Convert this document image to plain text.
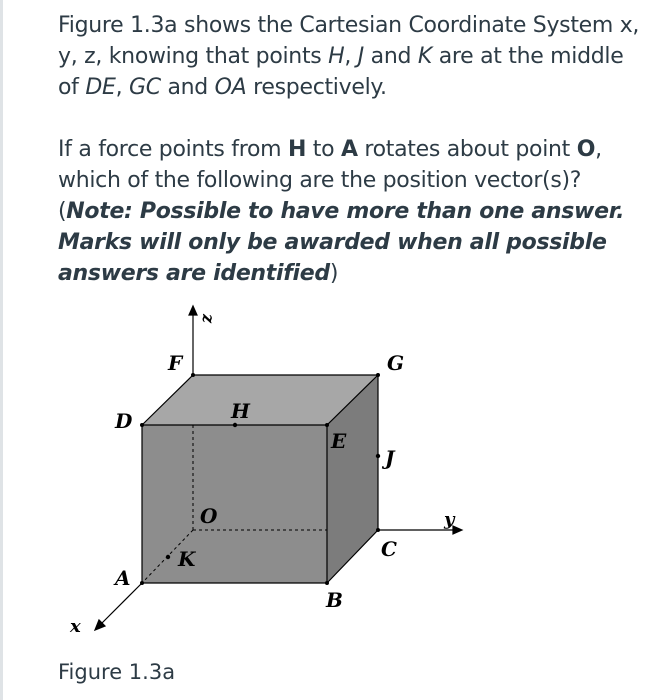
Figure 1.3a shows the Cartesian Coordinate System x, y, z, knowing that points H, J and K are at the middle of DE, GC and OA respectively.

If a force points from H to A rotates about point O, which of the following are the position vector(s)?

(Note: Possible to have more than one answer. Marks will only be awarded when all possible answers are identified)

F	G
D	H
E
J
O	y
C
K
A
B
x
z
Figure 1.3a
